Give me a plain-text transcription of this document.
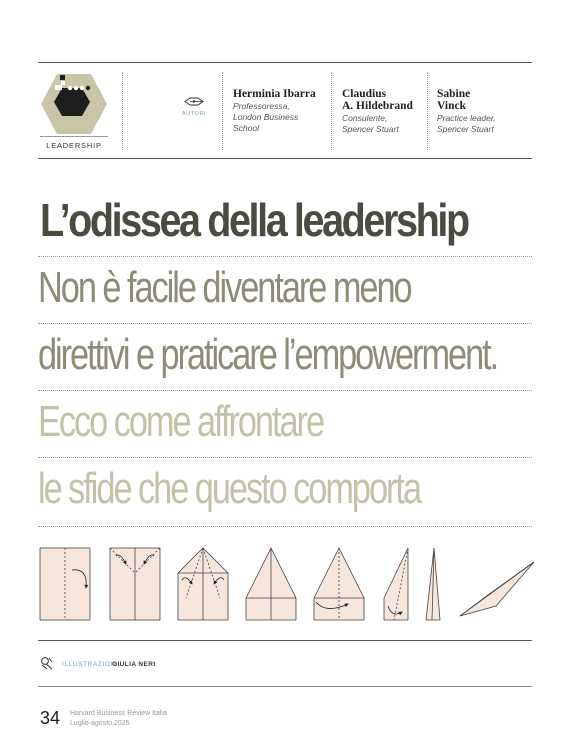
LEADERSHIP
AUTORI
Herminia Ibarra
Professoressa,
London Business
School
Claudius
A. Hildebrand
Consulente,
Spencer Stuart
Sabine
Vinck
Practice leader,
Spencer Stuart
L’odissea della leadership
Non è facile diventare meno
direttivi e praticare l’empowerment.
Ecco come affrontare
le sfide che questo comporta
ILLUSTRAZIONI
GIULIA NERI
34 Harvard Business Review Italia
Luglio-agosto 2025
